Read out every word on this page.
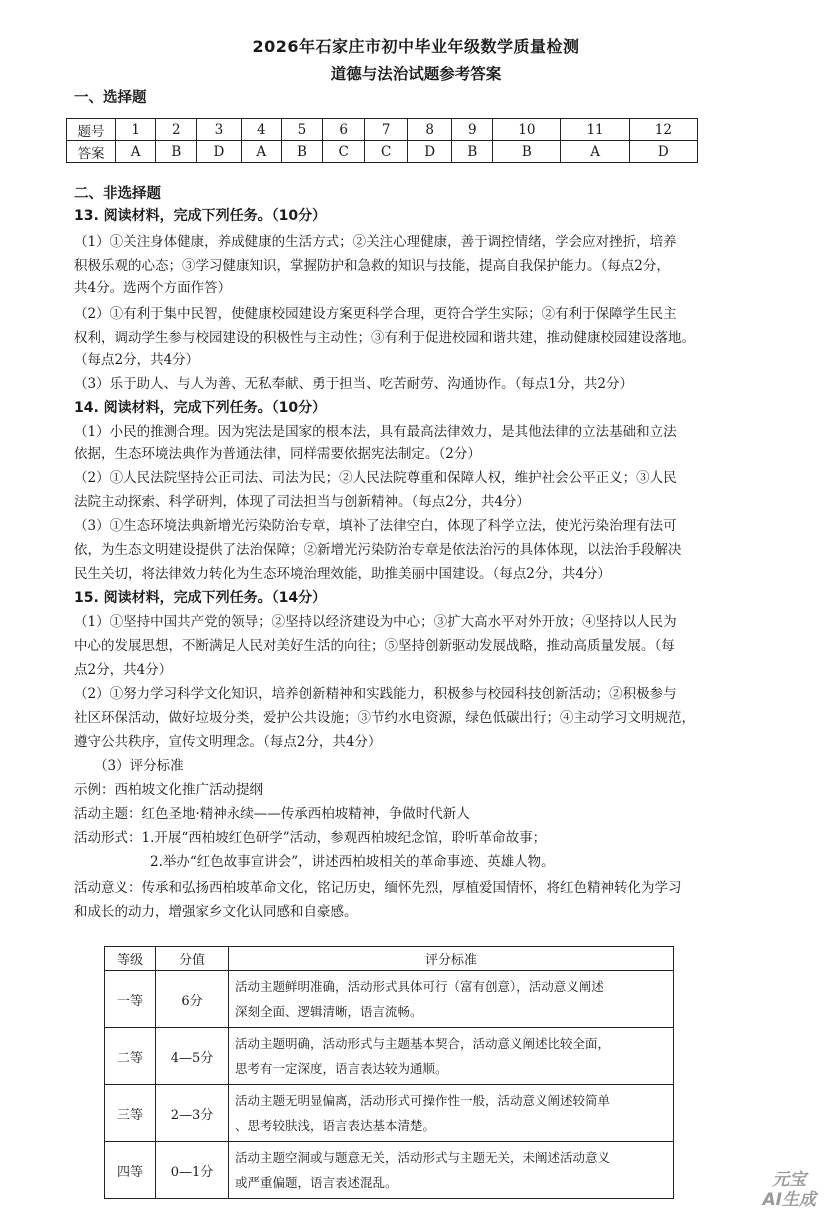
2026年石家庄市初中毕业年级数学质量检测
道德与法治试题参考答案
一、选择题
题号	1	2	3	4	5	6	7	8	9	10	11	12
答案	A	B	D	A	B	C	C	D	B	B	A	D
二、非选择题
13. 阅读材料，完成下列任务。（10分）
（1）①关注身体健康，养成健康的生活方式；②关注心理健康，善于调控情绪，学会应对挫折，培养
积极乐观的心态；③学习健康知识，掌握防护和急救的知识与技能，提高自我保护能力。（每点2分，
共4分。选两个方面作答）
（2）①有利于集中民智，使健康校园建设方案更科学合理，更符合学生实际；②有利于保障学生民主
权利，调动学生参与校园建设的积极性与主动性；③有利于促进校园和谐共建，推动健康校园建设落地。
（每点2分，共4分）
（3）乐于助人、与人为善、无私奉献、勇于担当、吃苦耐劳、沟通协作。（每点1分，共2分）
14. 阅读材料，完成下列任务。（10分）
（1）小民的推测合理。因为宪法是国家的根本法，具有最高法律效力，是其他法律的立法基础和立法
依据，生态环境法典作为普通法律，同样需要依据宪法制定。（2分）
（2）①人民法院坚持公正司法、司法为民；②人民法院尊重和保障人权，维护社会公平正义；③人民
法院主动探索、科学研判，体现了司法担当与创新精神。（每点2分，共4分）
（3）①生态环境法典新增光污染防治专章，填补了法律空白，体现了科学立法，使光污染治理有法可
依，为生态文明建设提供了法治保障；②新增光污染防治专章是依法治污的具体体现，以法治手段解决
民生关切，将法律效力转化为生态环境治理效能，助推美丽中国建设。（每点2分，共4分）
15. 阅读材料，完成下列任务。（14分）
（1）①坚持中国共产党的领导；②坚持以经济建设为中心；③扩大高水平对外开放；④坚持以人民为
中心的发展思想，不断满足人民对美好生活的向往；⑤坚持创新驱动发展战略，推动高质量发展。（每
点2分，共4分）
（2）①努力学习科学文化知识，培养创新精神和实践能力，积极参与校园科技创新活动；②积极参与
社区环保活动，做好垃圾分类，爱护公共设施；③节约水电资源，绿色低碳出行；④主动学习文明规范，
遵守公共秩序，宣传文明理念。（每点2分，共4分）
（3）评分标准
示例：西柏坡文化推广活动提纲
活动主题：红色圣地·精神永续——传承西柏坡精神，争做时代新人
活动形式：1.开展“西柏坡红色研学”活动，参观西柏坡纪念馆，聆听革命故事；
2.举办“红色故事宣讲会”，讲述西柏坡相关的革命事迹、英雄人物。
活动意义：传承和弘扬西柏坡革命文化，铭记历史，缅怀先烈，厚植爱国情怀，将红色精神转化为学习
和成长的动力，增强家乡文化认同感和自豪感。
等级	分值	评分标准
一等	6分	活动主题鲜明准确，活动形式具体可行（富有创意），活动意义阐述
深刻全面、逻辑清晰，语言流畅。

二等	4—5分	活动主题明确，活动形式与主题基本契合，活动意义阐述比较全面，
思考有一定深度，语言表达较为通顺。

三等	2—3分	活动主题无明显偏离，活动形式可操作性一般，活动意义阐述较简单
、思考较肤浅，语言表达基本清楚。

四等	0—1分	活动主题空洞或与题意无关，活动形式与主题无关，未阐述活动意义
或严重偏题，语言表述混乱。	元宝
AI生成
